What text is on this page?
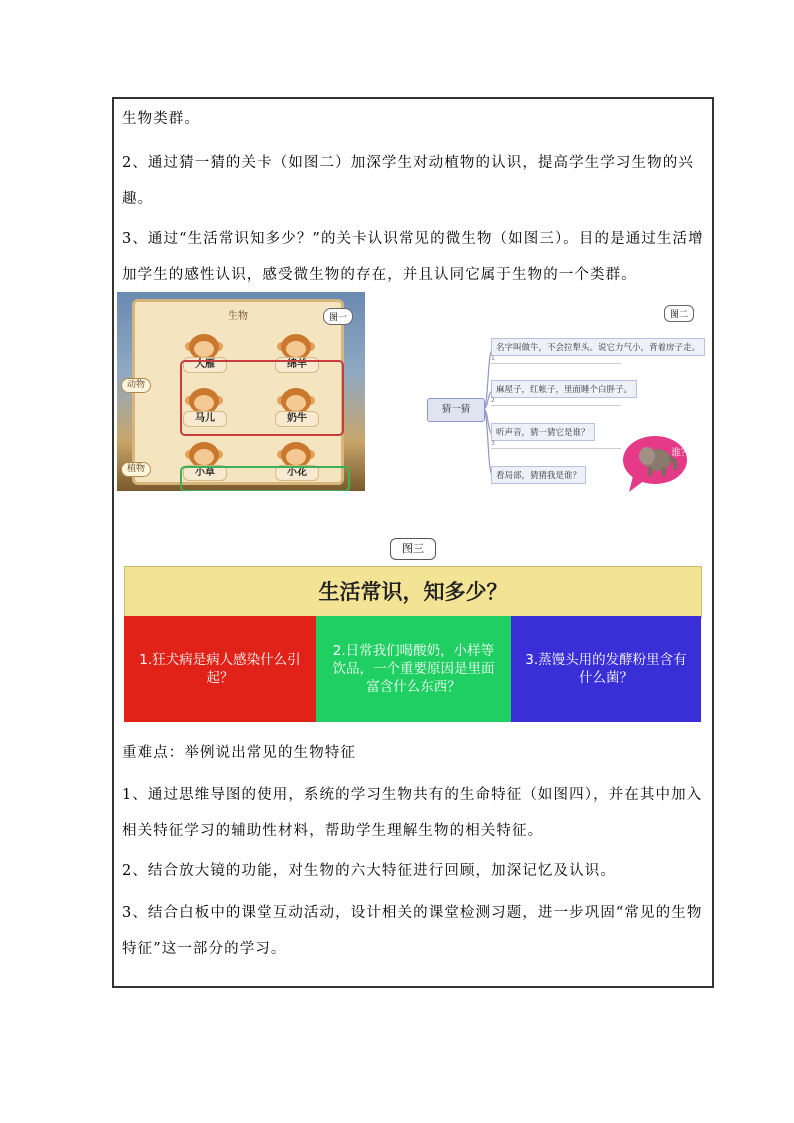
生物类群。
2、通过猜一猜的关卡（如图二）加深学生对动植物的认识，提高学生学习生物的兴趣。
3、通过“生活常识知多少？”的关卡认识常见的微生物（如图三）。目的是通过生活增加学生的感性认识，感受微生物的存在，并且认同它属于生物的一个类群。
生物
大雁	绵羊
马儿	奶牛
小草	小花
动物
植物
图一
猜一猜
名字叫做牛，不会拉犁头。说它力气小，背着房子走。
1
麻屋子，红帐子，里面睡个白胖子。
2
听声音，猜一猜它是谁？
3
看局部，猜猜我是谁？
图二
谁？
图三
生活常识，知多少？
1.狂犬病是病人感染什么引起？
2.日常我们喝酸奶，小样等饮品，一个重要原因是里面富含什么东西？
3.蒸馒头用的发酵粉里含有什么菌？
重难点：举例说出常见的生物特征
1、通过思维导图的使用，系统的学习生物共有的生命特征（如图四），并在其中加入相关特征学习的辅助性材料，帮助学生理解生物的相关特征。
2、结合放大镜的功能，对生物的六大特征进行回顾，加深记忆及认识。
3、结合白板中的课堂互动活动，设计相关的课堂检测习题，进一步巩固“常见的生物特征”这一部分的学习。
